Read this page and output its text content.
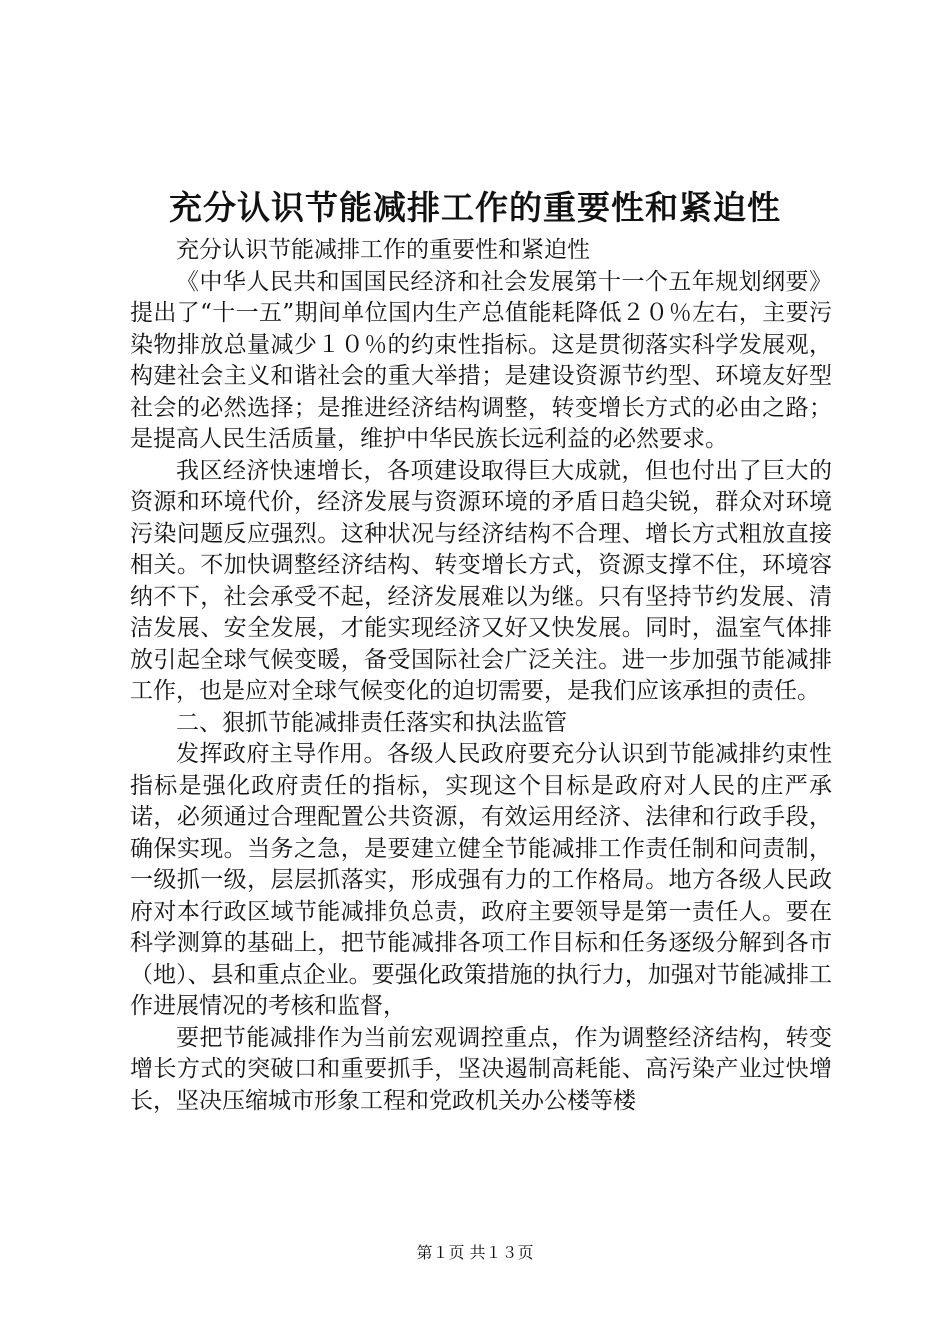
充分认识节能减排工作的重要性和紧迫性

充分认识节能减排工作的重要性和紧迫性

《中华人民共和国国民经济和社会发展第十一个五年规划纲要》提出了“十一五”期间单位国内生产总值能耗降低２０％左右，主要污染物排放总量减少１０％的约束性指标。这是贯彻落实科学发展观，构建社会主义和谐社会的重大举措；是建设资源节约型、环境友好型社会的必然选择；是推进经济结构调整，转变增长方式的必由之路；是提高人民生活质量，维护中华民族长远利益的必然要求。

我区经济快速增长，各项建设取得巨大成就，但也付出了巨大的资源和环境代价，经济发展与资源环境的矛盾日趋尖锐，群众对环境污染问题反应强烈。这种状况与经济结构不合理、增长方式粗放直接相关。不加快调整经济结构、转变增长方式，资源支撑不住，环境容纳不下，社会承受不起，经济发展难以为继。只有坚持节约发展、清洁发展、安全发展，才能实现经济又好又快发展。同时，温室气体排放引起全球气候变暖，备受国际社会广泛关注。进一步加强节能减排工作，也是应对全球气候变化的迫切需要，是我们应该承担的责任。

二、狠抓节能减排责任落实和执法监管

发挥政府主导作用。各级人民政府要充分认识到节能减排约束性指标是强化政府责任的指标，实现这个目标是政府对人民的庄严承诺，必须通过合理配置公共资源，有效运用经济、法律和行政手段，确保实现。当务之急，是要建立健全节能减排工作责任制和问责制，一级抓一级，层层抓落实，形成强有力的工作格局。地方各级人民政府对本行政区域节能减排负总责，政府主要领导是第一责任人。要在科学测算的基础上，把节能减排各项工作目标和任务逐级分解到各市（地）、县和重点企业。要强化政策措施的执行力，加强对节能减排工作进展情况的考核和监督，

要把节能减排作为当前宏观调控重点，作为调整经济结构，转变增长方式的突破口和重要抓手，坚决遏制高耗能、高污染产业过快增长，坚决压缩城市形象工程和党政机关办公楼等楼

第１页 共１３页
